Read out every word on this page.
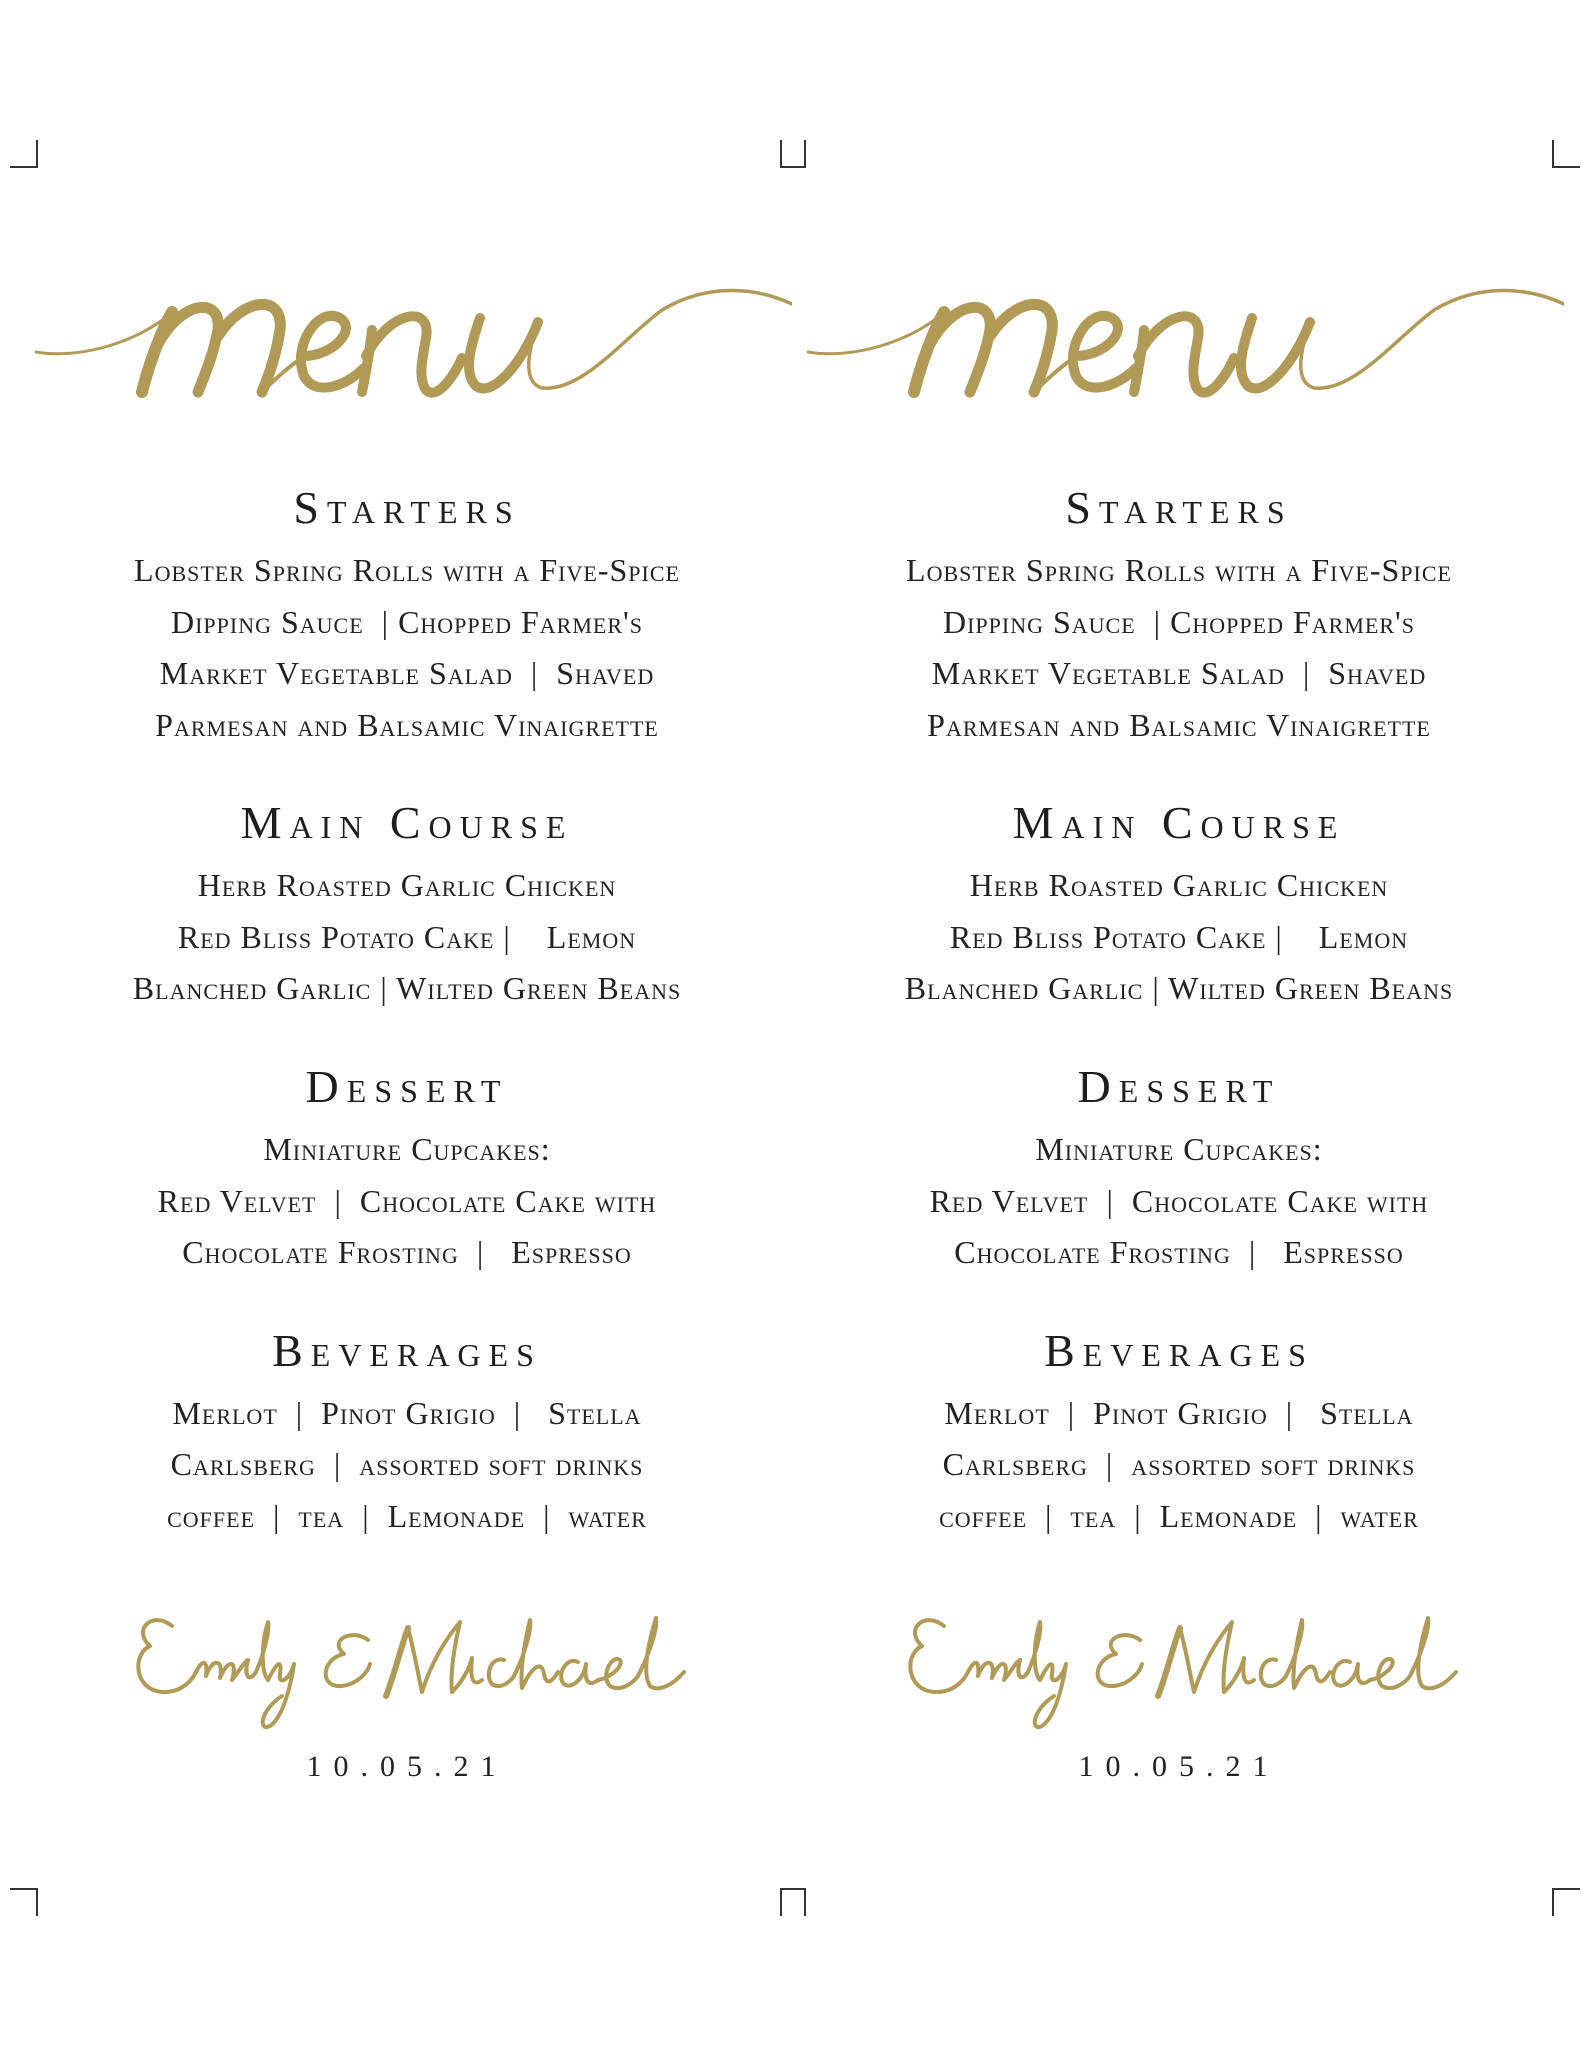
Starters

Lobster Spring Rolls with a Five-Spice
Dipping Sauce  | Chopped Farmer's
Market Vegetable Salad  |  Shaved
Parmesan and Balsamic Vinaigrette

Main Course

Herb Roasted Garlic Chicken
Red Bliss Potato Cake |    Lemon
Blanched Garlic | Wilted Green Beans

Dessert

Miniature Cupcakes:
Red Velvet  |  Chocolate Cake with
Chocolate Frosting  |   Espresso

Beverages

Merlot  |  Pinot Grigio  |   Stella
Carlsberg  |  assorted soft drinks
coffee  |  tea  |  Lemonade  |  water

10.05.21
Starters

Lobster Spring Rolls with a Five-Spice
Dipping Sauce  | Chopped Farmer's
Market Vegetable Salad  |  Shaved
Parmesan and Balsamic Vinaigrette

Main Course

Herb Roasted Garlic Chicken
Red Bliss Potato Cake |    Lemon
Blanched Garlic | Wilted Green Beans

Dessert

Miniature Cupcakes:
Red Velvet  |  Chocolate Cake with
Chocolate Frosting  |   Espresso

Beverages

Merlot  |  Pinot Grigio  |   Stella
Carlsberg  |  assorted soft drinks
coffee  |  tea  |  Lemonade  |  water

10.05.21
